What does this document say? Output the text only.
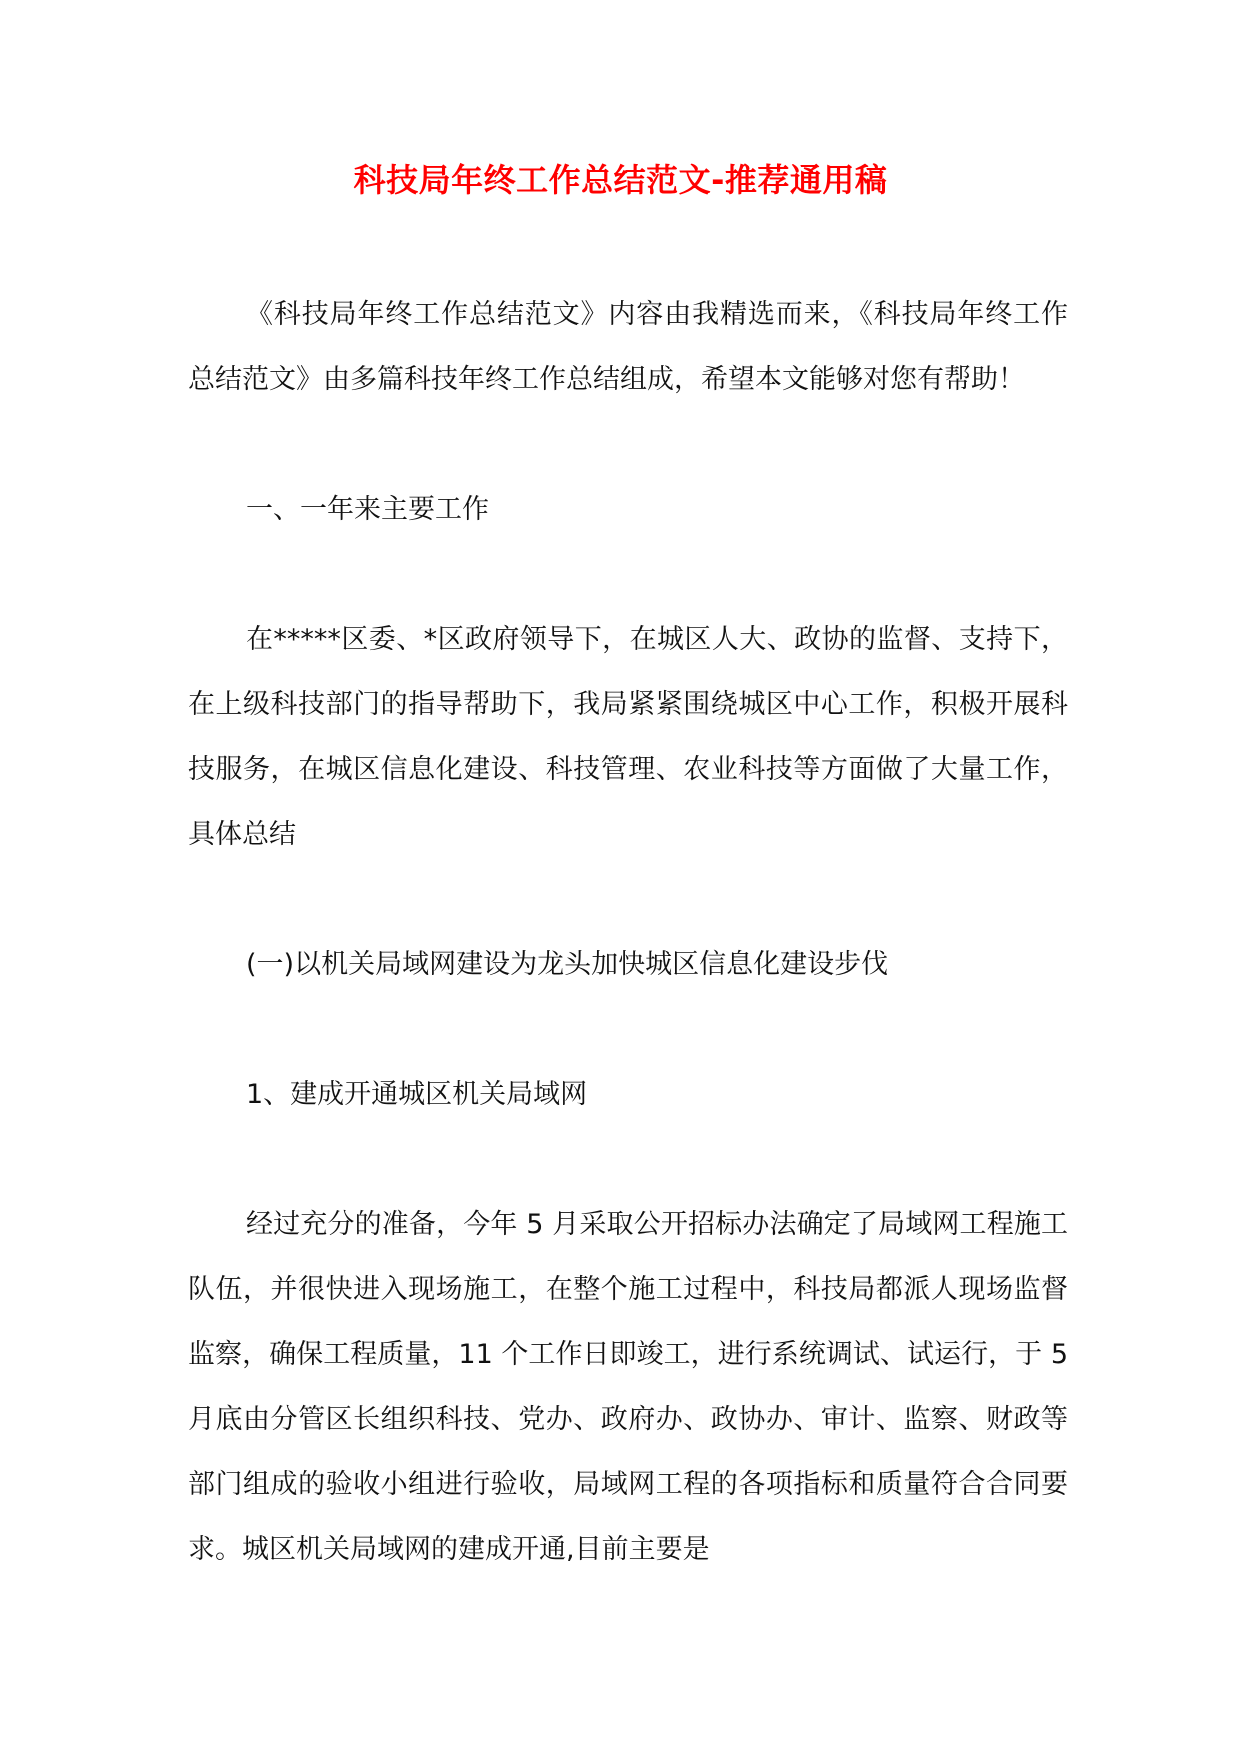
科技局年终工作总结范文-推荐通用稿

《科技局年终工作总结范文》内容由我精选而来，《科技局年终工作总结范文》由多篇科技年终工作总结组成，希望本文能够对您有帮助！

一、一年来主要工作

在*****区委、*区政府领导下，在城区人大、政协的监督、支持下，在上级科技部门的指导帮助下，我局紧紧围绕城区中心工作，积极开展科技服务，在城区信息化建设、科技管理、农业科技等方面做了大量工作，具体总结

(一)以机关局域网建设为龙头加快城区信息化建设步伐

1、建成开通城区机关局域网

经过充分的准备，今年 5 月采取公开招标办法确定了局域网工程施工队伍，并很快进入现场施工，在整个施工过程中，科技局都派人现场监督监察，确保工程质量，11 个工作日即竣工，进行系统调试、试运行，于 5 月底由分管区长组织科技、党办、政府办、政协办、审计、监察、财政等部门组成的验收小组进行验收，局域网工程的各项指标和质量符合合同要求。城区机关局域网的建成开通,目前主要是
